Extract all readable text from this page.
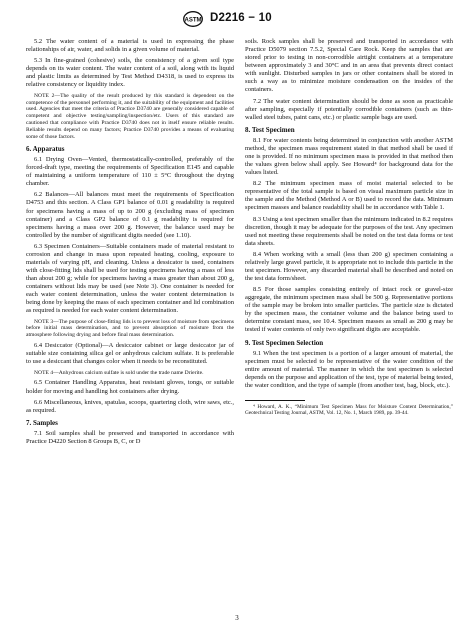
ASTM D2216 − 10

5.2 The water content of a material is used in expressing the phase relationships of air, water, and solids in a given volume of material.

5.3 In fine-grained (cohesive) soils, the consistency of a given soil type depends on its water content. The water content of a soil, along with its liquid and plastic limits as determined by Test Method D4318, is used to express its relative consistency or liquidity index.

NOTE 2—The quality of the result produced by this standard is dependent on the competence of the personnel performing it, and the suitability of the equipment and facilities used. Agencies that meet the criteria of Practice D3740 are generally considered capable of competent and objective testing/sampling/inspection/etc. Users of this standard are cautioned that compliance with Practice D3740 does not in itself ensure reliable results. Reliable results depend on many factors; Practice D3740 provides a means of evaluating some of those factors.

6. Apparatus

6.1 Drying Oven—Vented, thermostatically-controlled, preferably of the forced-draft type, meeting the requirements of Specification E145 and capable of maintaining a uniform temperature of 110 ± 5°C throughout the drying chamber.

6.2 Balances—All balances must meet the requirements of Specification D4753 and this section. A Class GP1 balance of 0.01 g readability is required for specimens having a mass of up to 200 g (excluding mass of specimen container) and a Class GP2 balance of 0.1 g readability is required for specimens having a mass over 200 g. However, the balance used may be controlled by the number of significant digits needed (see 1.10).

6.3 Specimen Containers—Suitable containers made of material resistant to corrosion and change in mass upon repeated heating, cooling, exposure to materials of varying pH, and cleaning. Unless a dessicator is used, containers with close-fitting lids shall be used for testing specimens having a mass of less than about 200 g; while for specimens having a mass greater than about 200 g, containers without lids may be used (see Note 3). One container is needed for each water content determination, unless the water content determination is being done by keeping the mass of each specimen container and lid combination as required is needed for each water content determination.

NOTE 3—The purpose of close-fitting lids is to prevent loss of moisture from specimens before initial mass determination, and to prevent absorption of moisture from the atmosphere following drying and before final mass determination.

6.4 Desiccator (Optional)—A desiccator cabinet or large desiccator jar of suitable size containing silica gel or anhydrous calcium sulfate. It is preferable to use a desiccant that changes color when it needs to be reconstituted.

NOTE 4—Anhydrous calcium sulfate is sold under the trade name Drierite.

6.5 Container Handling Apparatus, heat resistant gloves, tongs, or suitable holder for moving and handling hot containers after drying.

6.6 Miscellaneous, knives, spatulas, scoops, quartering cloth, wire saws, etc., as required.

7. Samples

7.1 Soil samples shall be preserved and transported in accordance with Practice D4220 Section 8 Groups B, C, or D

soils. Rock samples shall be preserved and transported in accordance with Practice D5079 section 7.5.2, Special Care Rock. Keep the samples that are stored prior to testing in non-corrodible airtight containers at a temperature between approximately 3 and 30°C and in an area that prevents direct contact with sunlight. Disturbed samples in jars or other containers shall be stored in such a way as to minimize moisture condensation on the insides of the containers.

7.2 The water content determination should be done as soon as practicable after sampling, especially if potentially corrodible containers (such as thin-walled steel tubes, paint cans, etc.) or plastic sample bags are used.

8. Test Specimen

8.1 For water contents being determined in conjunction with another ASTM method, the specimen mass requirement stated in that method shall be used if one is provided. If no minimum specimen mass is provided in that method then the values given below shall apply. See Howard⁴ for background data for the values listed.

8.2 The minimum specimen mass of moist material selected to be representative of the total sample is based on visual maximum particle size in the sample and the Method (Method A or B) used to record the data. Minimum specimen masses and balance readability shall be in accordance with Table 1.

8.3 Using a test specimen smaller than the minimum indicated in 8.2 requires discretion, though it may be adequate for the purposes of the test. Any specimen used not meeting these requirements shall be noted on the test data forms or test data sheets.

8.4 When working with a small (less than 200 g) specimen containing a relatively large gravel particle, it is appropriate not to include this particle in the test specimen. However, any discarded material shall be described and noted on the test data form/sheet.

8.5 For those samples consisting entirely of intact rock or gravel-size aggregate, the minimum specimen mass shall be 500 g. Representative portions of the sample may be broken into smaller particles. The particle size is dictated by the specimen mass, the container volume and the balance being used to determine constant mass, see 10.4. Specimen masses as small as 200 g may be tested if water contents of only two significant digits are acceptable.

9. Test Specimen Selection

9.1 When the test specimen is a portion of a larger amount of material, the specimen must be selected to be representative of the water condition of the entire amount of material. The manner in which the test specimen is selected depends on the purpose and application of the test, type of material being tested, the water condition, and the type of sample (from another test, bag, block, etc.).

⁴ Howard, A. K., “Minimum Test Specimen Mass for Moisture Content Determination,” Geotechnical Testing Journal, ASTM, Vol. 12, No. 1, March 1989, pp. 39-44.

3
